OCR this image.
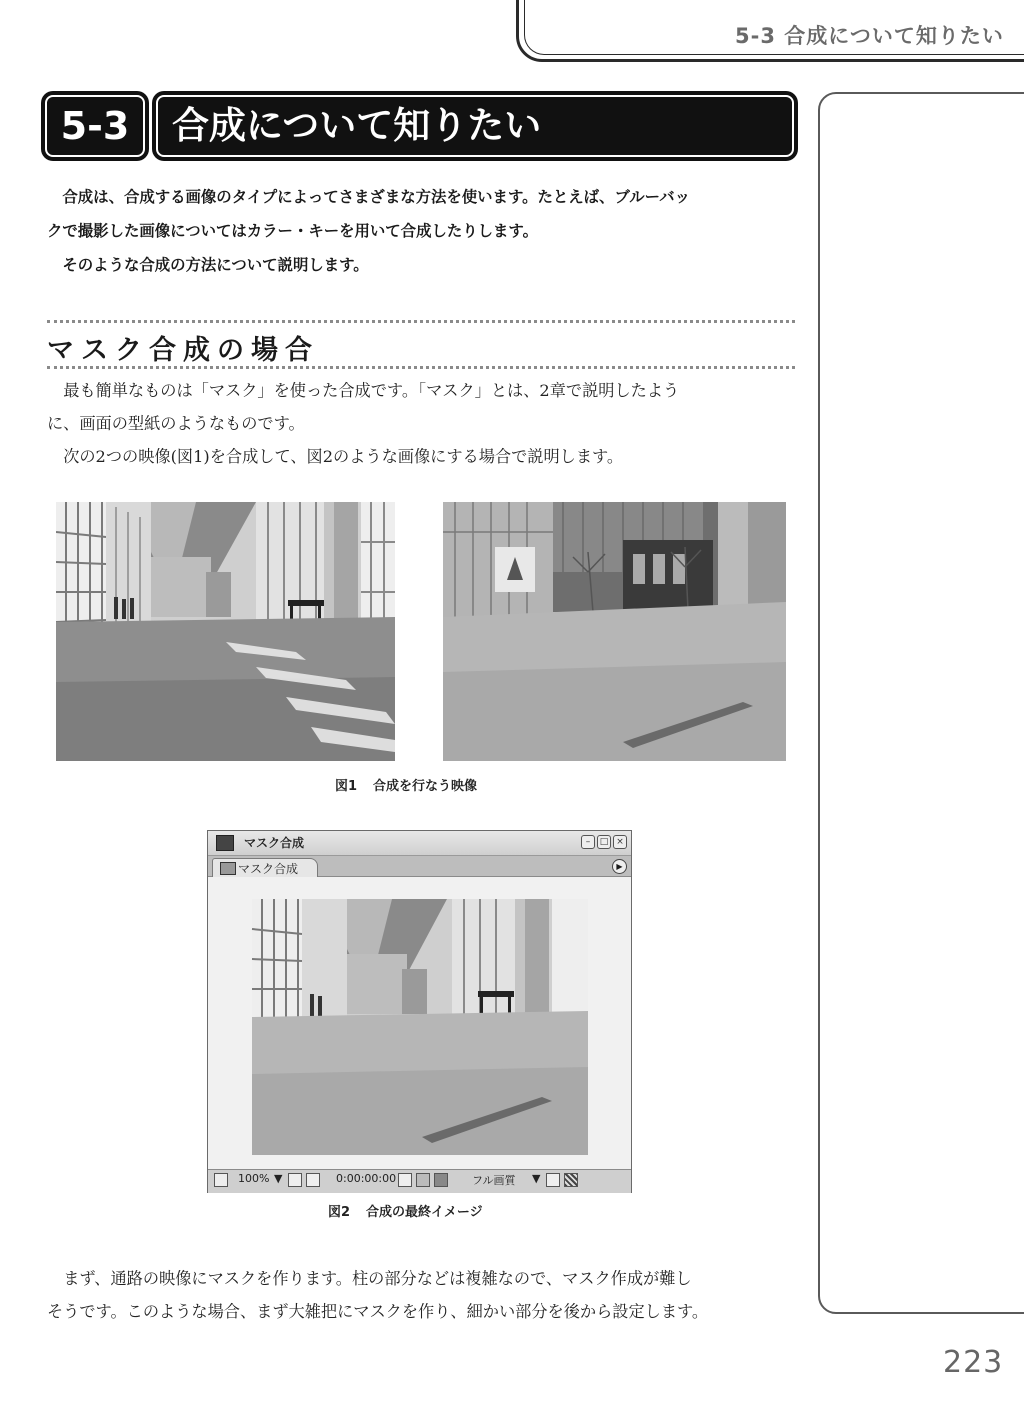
5-3 合成について知りたい
5-3	合成について知りたい

合成は、合成する画像のタイプによってさまざまな方法を使います。たとえば、ブルーバッ

クで撮影した画像についてはカラー・キーを用いて合成したりします。

そのような合成の方法について説明します。

マスク合成の場合

最も簡単なものは「マスク」を使った合成です。「マスク」とは、2章で説明したよう

に、画面の型紙のようなものです。

次の2つの映像(図1)を合成して、図2のような画像にする場合で説明します。

図1 合成を行なう映像
マスク合成	–	□ ×
マスク合成	▶
100% ▼	0:00:00:00	フル画質 ▼
図2 合成の最終イメージ

まず、通路の映像にマスクを作ります。柱の部分などは複雑なので、マスク作成が難し

そうです。このような場合、まず大雑把にマスクを作り、細かい部分を後から設定します。

223
